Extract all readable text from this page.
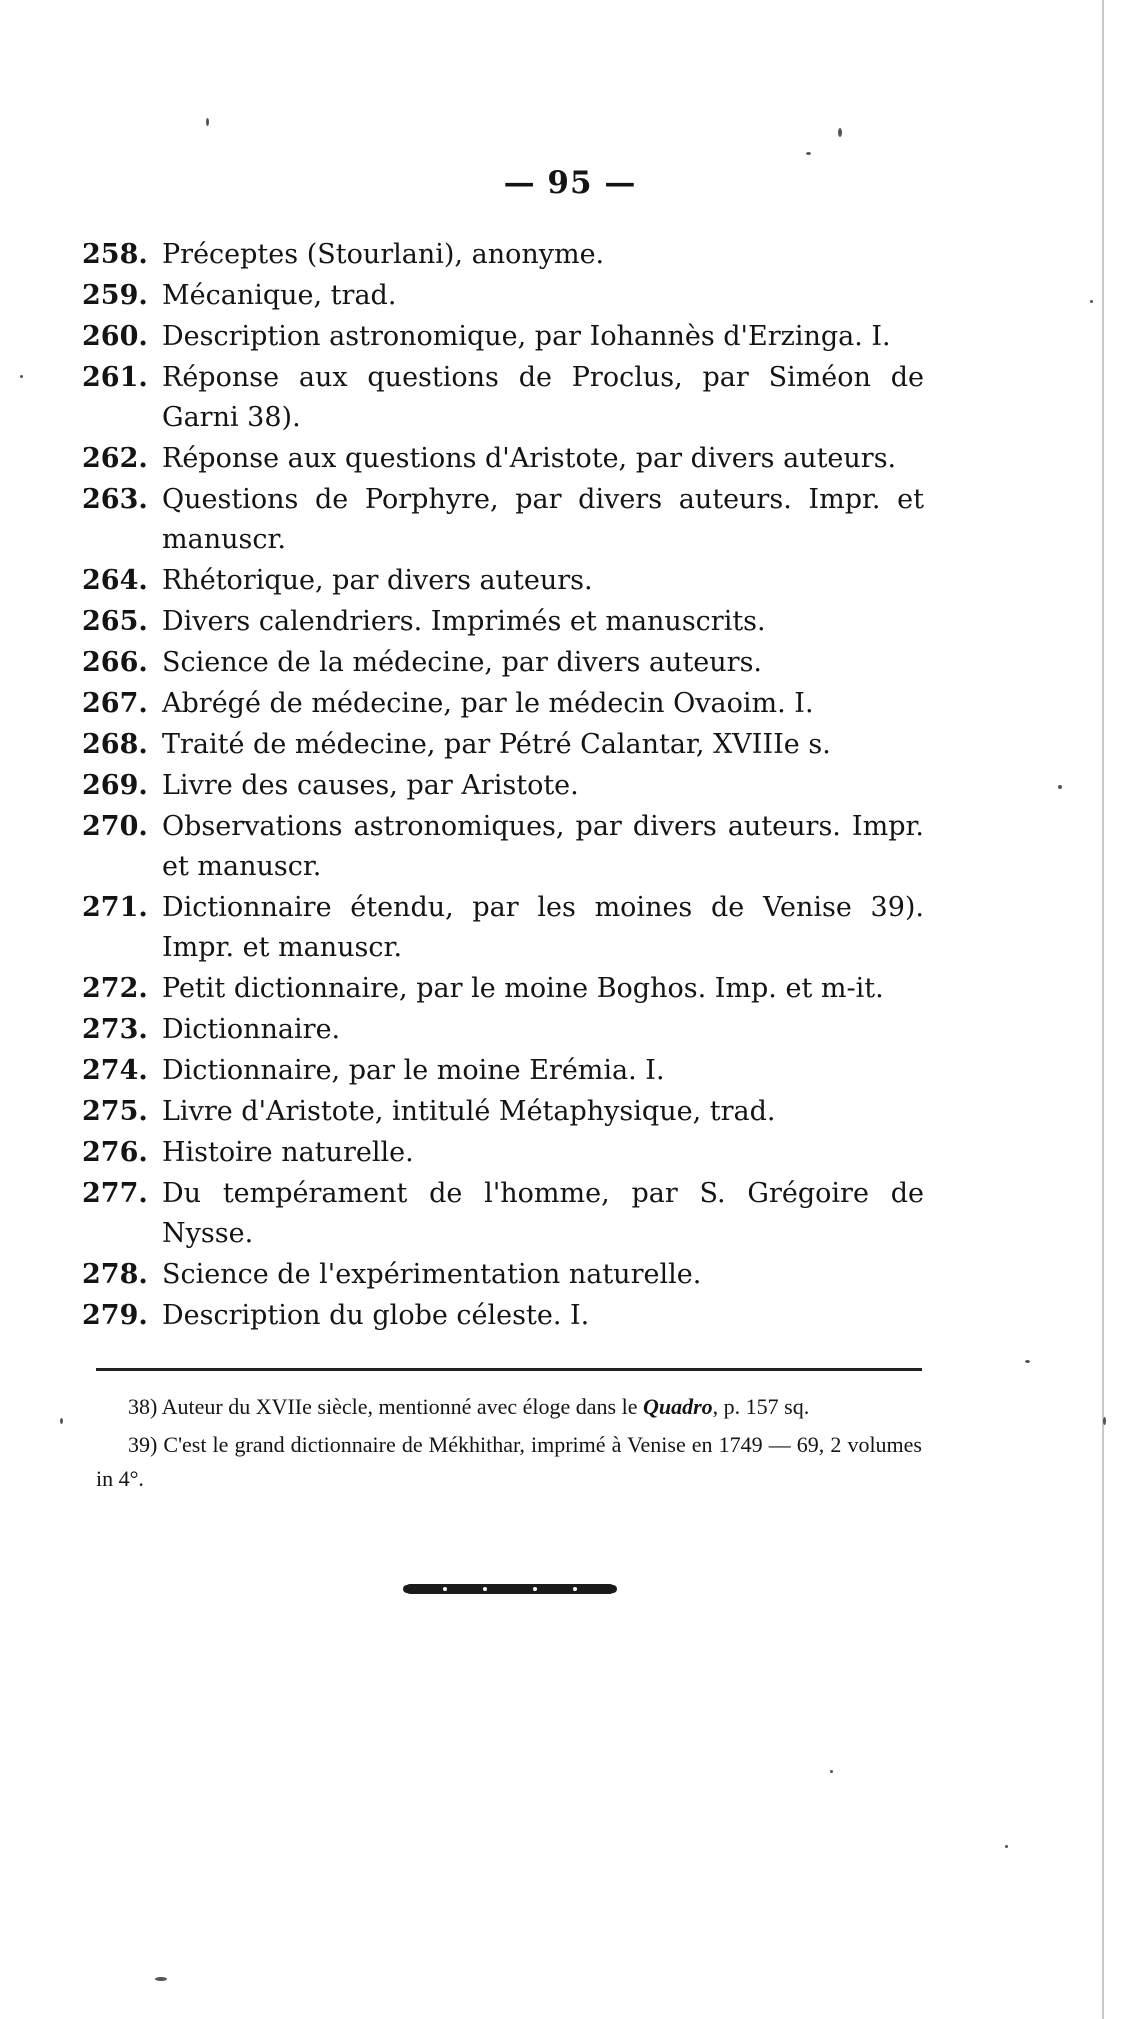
— 95 —
258. Préceptes (Stourlani), anonyme.
259. Mécanique, trad.
260. Description astronomique, par Iohannès d'Erzinga. I.
261. Réponse aux questions de Proclus, par Siméon de Garni 38).
262. Réponse aux questions d'Aristote, par divers auteurs.
263. Questions de Porphyre, par divers auteurs. Impr. et manuscr.
264. Rhétorique, par divers auteurs.
265. Divers calendriers. Imprimés et manuscrits.
266. Science de la médecine, par divers auteurs.
267. Abrégé de médecine, par le médecin Ovaoim. I.
268. Traité de médecine, par Pétré Calantar, XVIIIe s.
269. Livre des causes, par Aristote.
270. Observations astronomiques, par divers auteurs. Impr. et manuscr.
271. Dictionnaire étendu, par les moines de Venise 39). Impr. et manuscr.
272. Petit dictionnaire, par le moine Boghos. Imp. et m-it.
273. Dictionnaire.
274. Dictionnaire, par le moine Erémia. I.
275. Livre d'Aristote, intitulé Métaphysique, trad.
276. Histoire naturelle.
277. Du tempérament de l'homme, par S. Grégoire de Nysse.
278. Science de l'expérimentation naturelle.
279. Description du globe céleste. I.

38) Auteur du XVIIe siècle, mentionné avec éloge dans le Quadro, p. 157 sq.

39) C'est le grand dictionnaire de Mékhithar, imprimé à Venise en 1749 — 69, 2 volumes in 4°.
